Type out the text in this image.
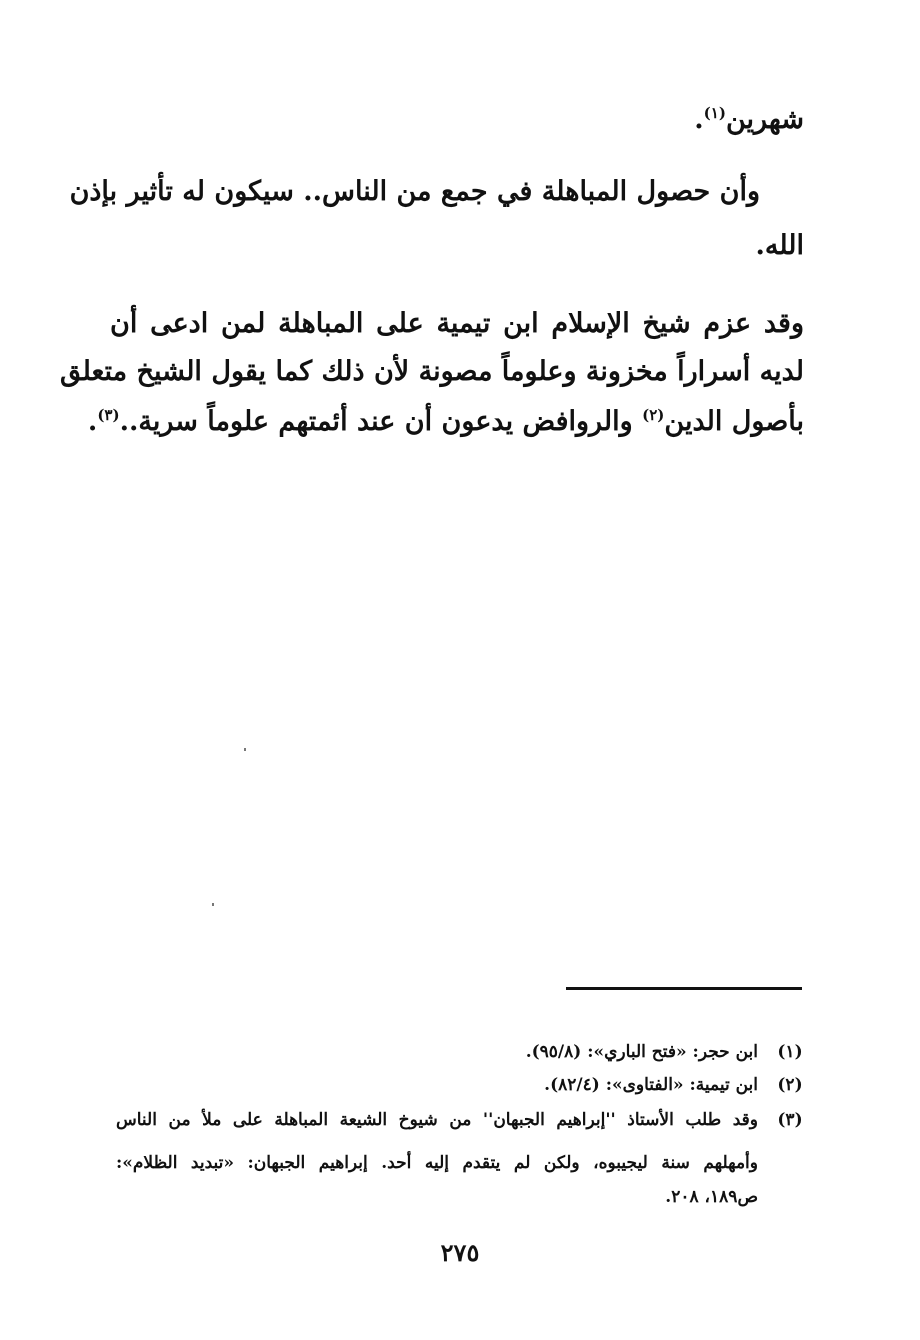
شهرين$^{(١)}$.
وأن حصول المباهلة في جمع من الناس.. سيكون له تأثير بإذن
الله.
وقد عزم شيخ الإسلام ابن تيمية على المباهلة لمن ادعى أن
لديه أسراراً مخزونة وعلوماً مصونة لأن ذلك كما يقول الشيخ متعلق
بأصول الدين$^{(٢)}$ والروافض يدعون أن عند أئمتهم علوماً سرية..$^{(٣)}$.
(١)
ابن حجر: «فتح الباري»: (٩٥/٨).
(٢)
ابن تيمية: «الفتاوى»: (٨٢/٤).
(٣)
وقد طلب الأستاذ ''إبراهيم الجبهان'' من شيوخ الشيعة المباهلة على ملأ من الناس
وأمهلهم سنة ليجيبوه، ولكن لم يتقدم إليه أحد. إبراهيم الجبهان: «تبديد الظلام»:
ص١٨٩، ٢٠٨.
٢٧٥
